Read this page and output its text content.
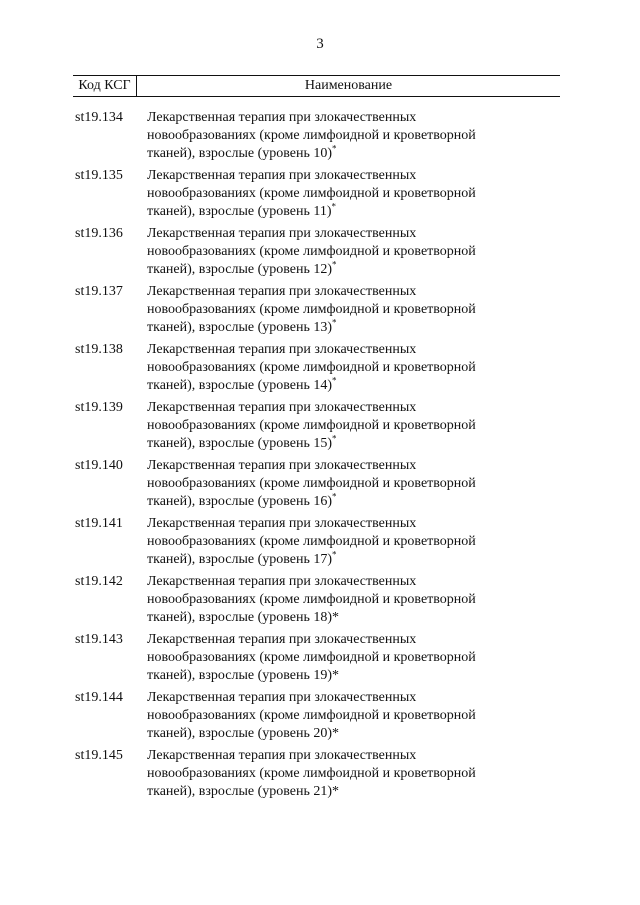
3
Код КСГ	Наименование
st19.134	Лекарственная терапия при злокачественных
новообразованиях (кроме лимфоидной и кроветворной
тканей), взрослые (уровень 10)*
st19.135	Лекарственная терапия при злокачественных
новообразованиях (кроме лимфоидной и кроветворной
тканей), взрослые (уровень 11)*
st19.136	Лекарственная терапия при злокачественных
новообразованиях (кроме лимфоидной и кроветворной
тканей), взрослые (уровень 12)*
st19.137	Лекарственная терапия при злокачественных
новообразованиях (кроме лимфоидной и кроветворной
тканей), взрослые (уровень 13)*
st19.138	Лекарственная терапия при злокачественных
новообразованиях (кроме лимфоидной и кроветворной
тканей), взрослые (уровень 14)*
st19.139	Лекарственная терапия при злокачественных
новообразованиях (кроме лимфоидной и кроветворной
тканей), взрослые (уровень 15)*
st19.140	Лекарственная терапия при злокачественных
новообразованиях (кроме лимфоидной и кроветворной
тканей), взрослые (уровень 16)*
st19.141	Лекарственная терапия при злокачественных
новообразованиях (кроме лимфоидной и кроветворной
тканей), взрослые (уровень 17)*
st19.142	Лекарственная терапия при злокачественных
новообразованиях (кроме лимфоидной и кроветворной
тканей), взрослые (уровень 18)*
st19.143	Лекарственная терапия при злокачественных
новообразованиях (кроме лимфоидной и кроветворной
тканей), взрослые (уровень 19)*
st19.144	Лекарственная терапия при злокачественных
новообразованиях (кроме лимфоидной и кроветворной
тканей), взрослые (уровень 20)*
st19.145	Лекарственная терапия при злокачественных
новообразованиях (кроме лимфоидной и кроветворной
тканей), взрослые (уровень 21)*
